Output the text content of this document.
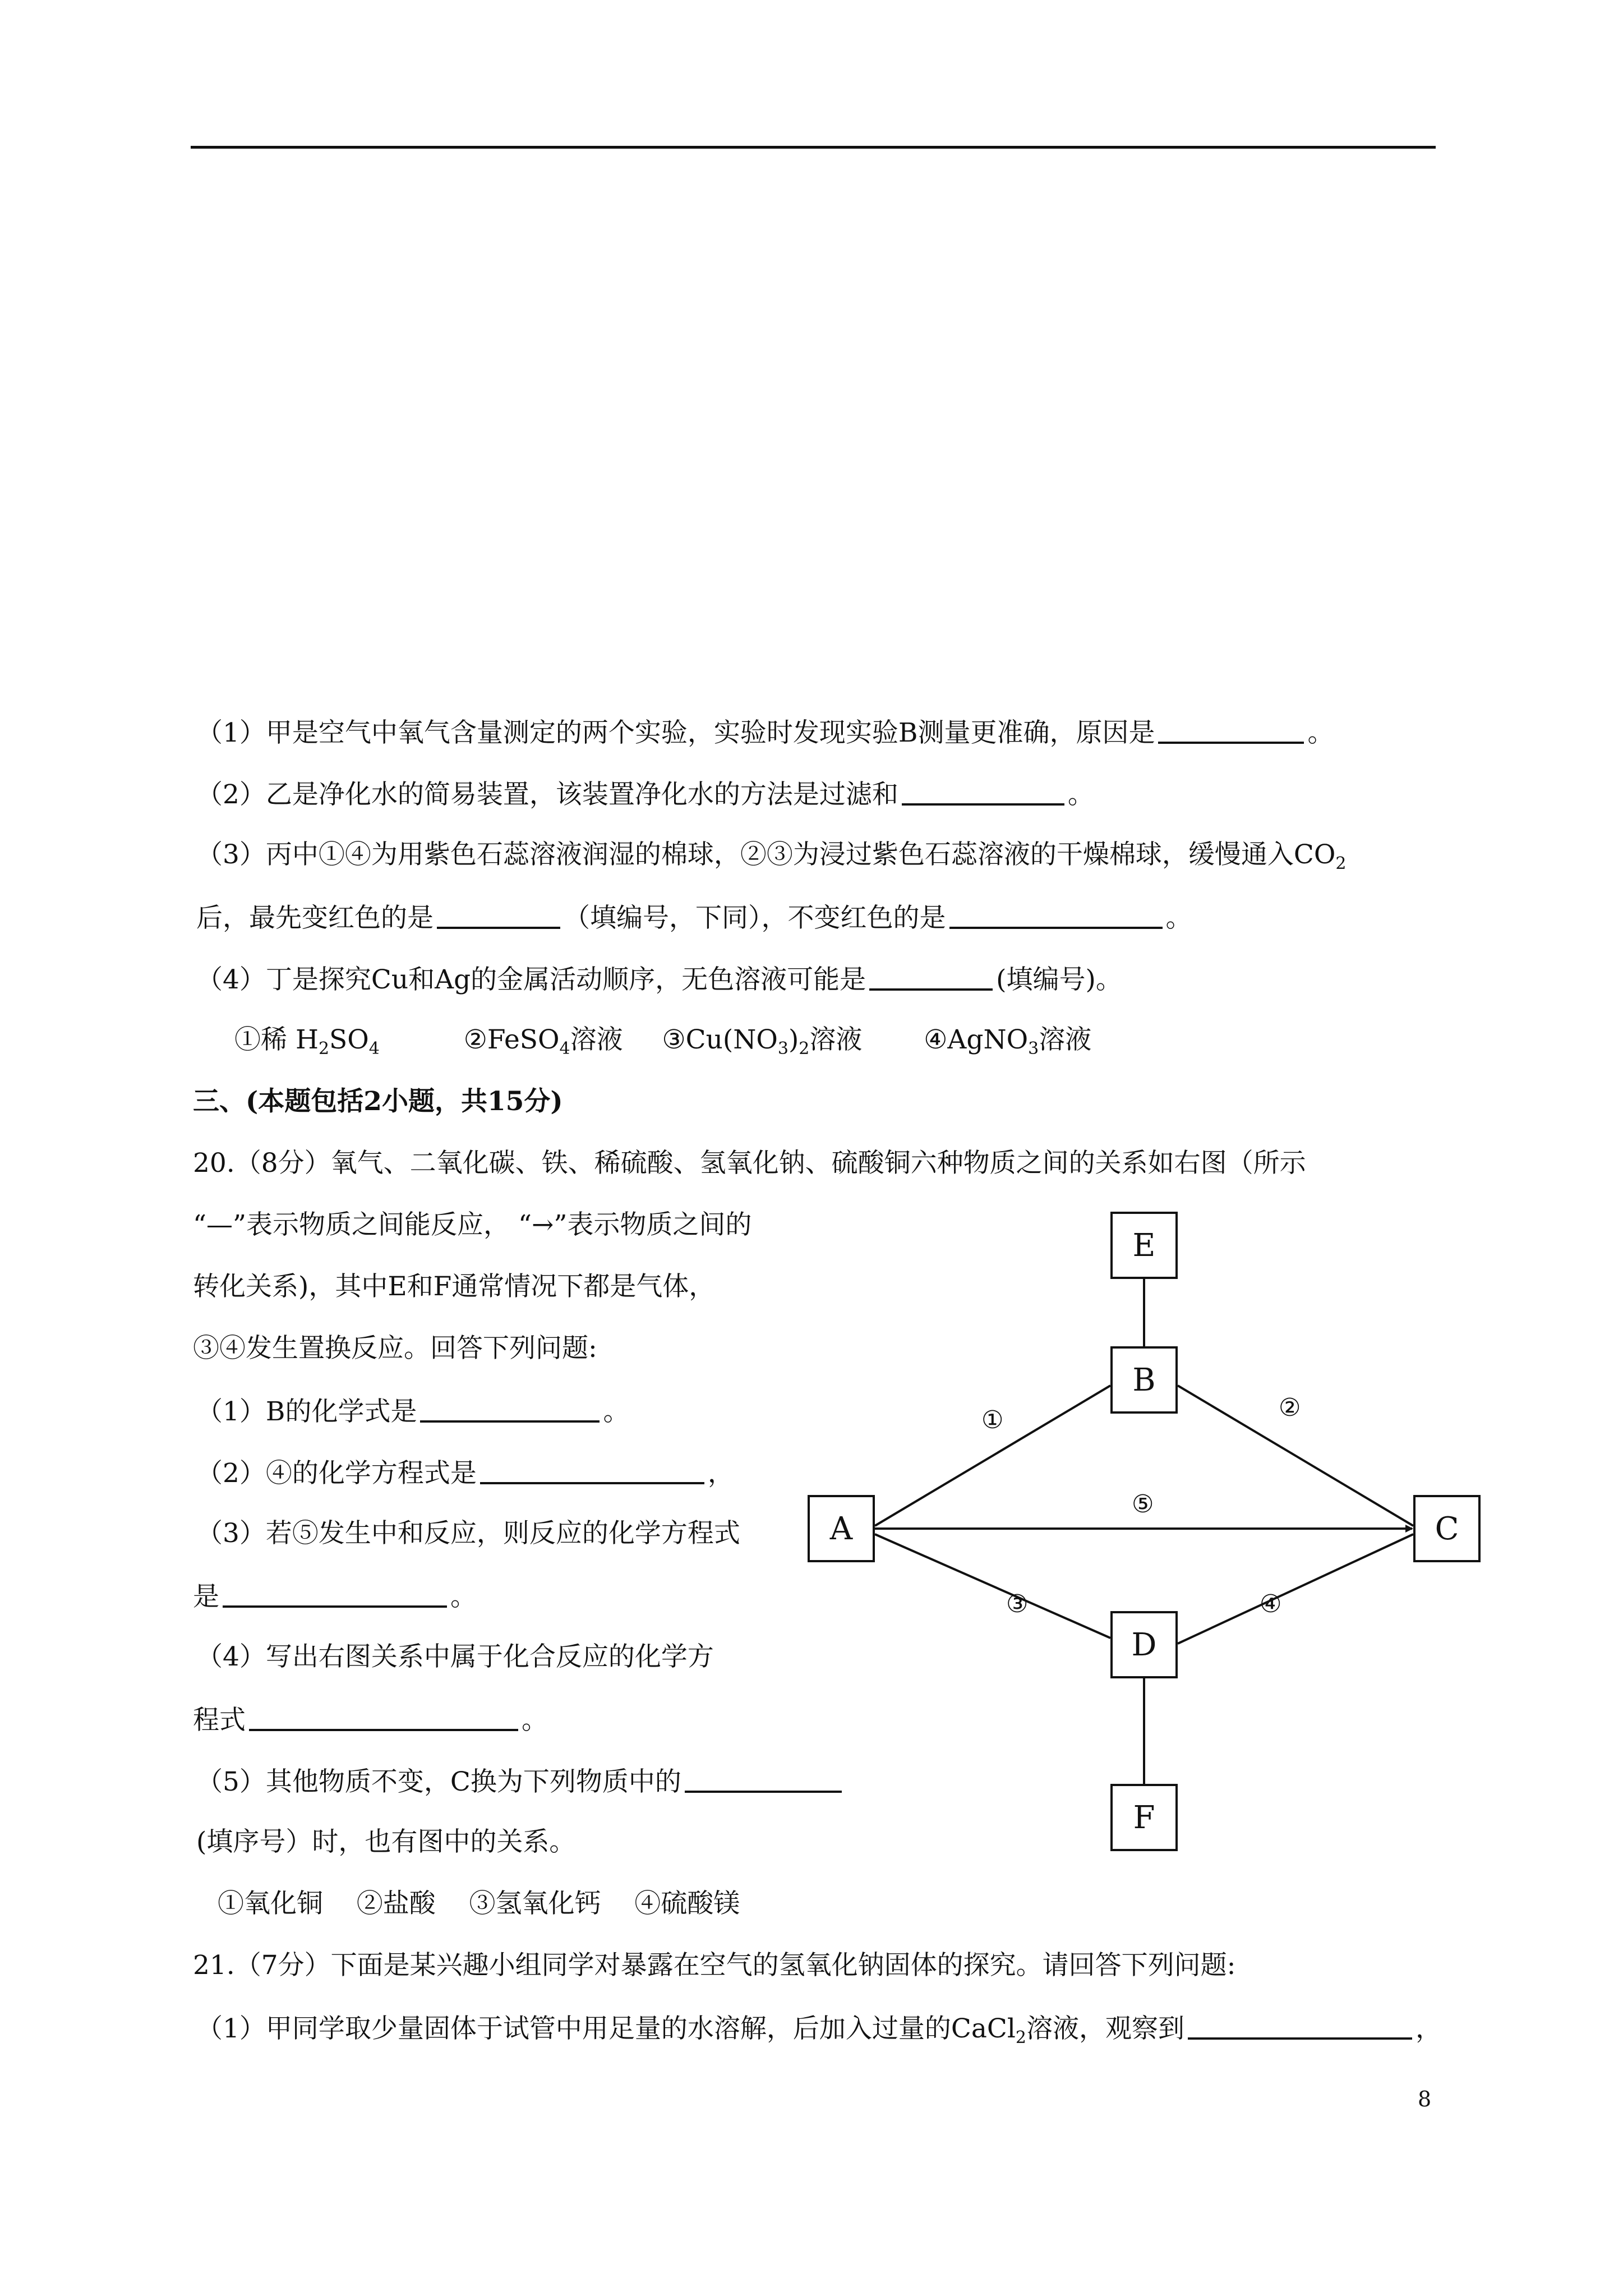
（1）甲是空气中氧气含量测定的两个实验，实验时发现实验B测量更准确，原因是	。
（2）乙是净化水的简易装置，该装置净化水的方法是过滤和	。
（3）丙中①④为用紫色石蕊溶液润湿的棉球，②③为浸过紫色石蕊溶液的干燥棉球，缓慢通入$CO_2$
后，最先变红色的是	（填编号，下同），不变红色的是	。
（4）丁是探究Cu和Ag的金属活动顺序，无色溶液可能是	(填编号)。
①稀 $H_2SO_4$	②FeSO$_4$溶液 $③Cu(NO_3)_2$溶液 ④AgNO$_3$溶液
三、(本题包括2小题，共15分)
20.（8分）氧气、二氧化碳、铁、稀硫酸、氢氧化钠、硫酸铜六种物质之间的关系如右图（所示
“—”表示物质之间能反应， “→”表示物质之间的
转化关系)，其中E和F通常情况下都是气体，
③④发生置换反应。回答下列问题:
（1）B的化学式是	。
（2）④的化学方程式是	，
（3）若⑤发生中和反应，则反应的化学方程式
是	。
（4）写出右图关系中属于化合反应的化学方
程式	。
（5）其他物质不变，C换为下列物质中的
(填序号）时，也有图中的关系。
①氧化铜    ②盐酸    ③氢氧化钙    ④硫酸镁
21.（7分）下面是某兴趣小组同学对暴露在空气的氢氧化钠固体的探究。请回答下列问题:
（1）甲同学取少量固体于试管中用足量的水溶解，后加入过量的CaCl$_2$溶液，观察到	，
E
B
A	C
D
F
①	②
⑤
③	④
8
